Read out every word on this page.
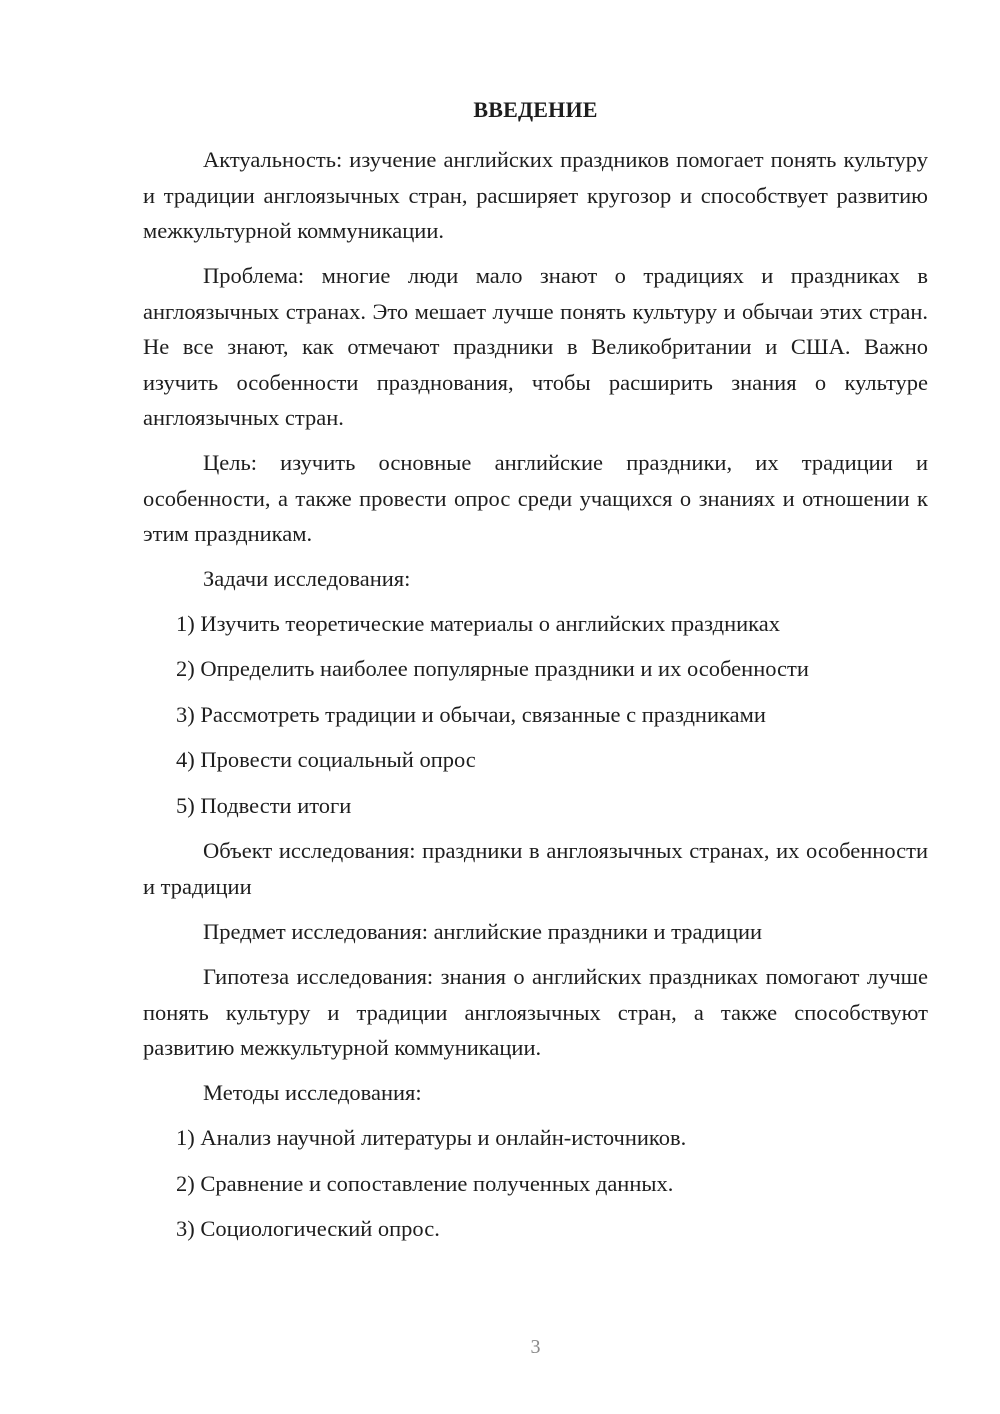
ВВЕДЕНИЕ

Актуальность: изучение английских праздников помогает понять культуру и традиции англоязычных стран, расширяет кругозор и способствует развитию межкультурной коммуникации.

Проблема: многие люди мало знают о традициях и праздниках в англоязычных странах. Это мешает лучше понять культуру и обычаи этих стран. Не все знают, как отмечают праздники в Великобритании и США. Важно изучить особенности празднования, чтобы расширить знания о культуре англоязычных стран.

Цель: изучить основные английские праздники, их традиции и особенности, а также провести опрос среди учащихся о знаниях и отношении к этим праздникам.

Задачи исследования:

1) Изучить теоретические материалы о английских праздниках

2) Определить наиболее популярные праздники и их особенности

3) Рассмотреть традиции и обычаи, связанные с праздниками

4) Провести социальный опрос

5) Подвести итоги

Объект исследования: праздники в англоязычных странах, их особенности и традиции

Предмет исследования: английские праздники и традиции

Гипотеза исследования: знания о английских праздниках помогают лучше понять культуру и традиции англоязычных стран, а также способствуют развитию межкультурной коммуникации.

Методы исследования:

1) Анализ научной литературы и онлайн-источников.

2) Сравнение и сопоставление полученных данных.

3) Социологический опрос.

3
